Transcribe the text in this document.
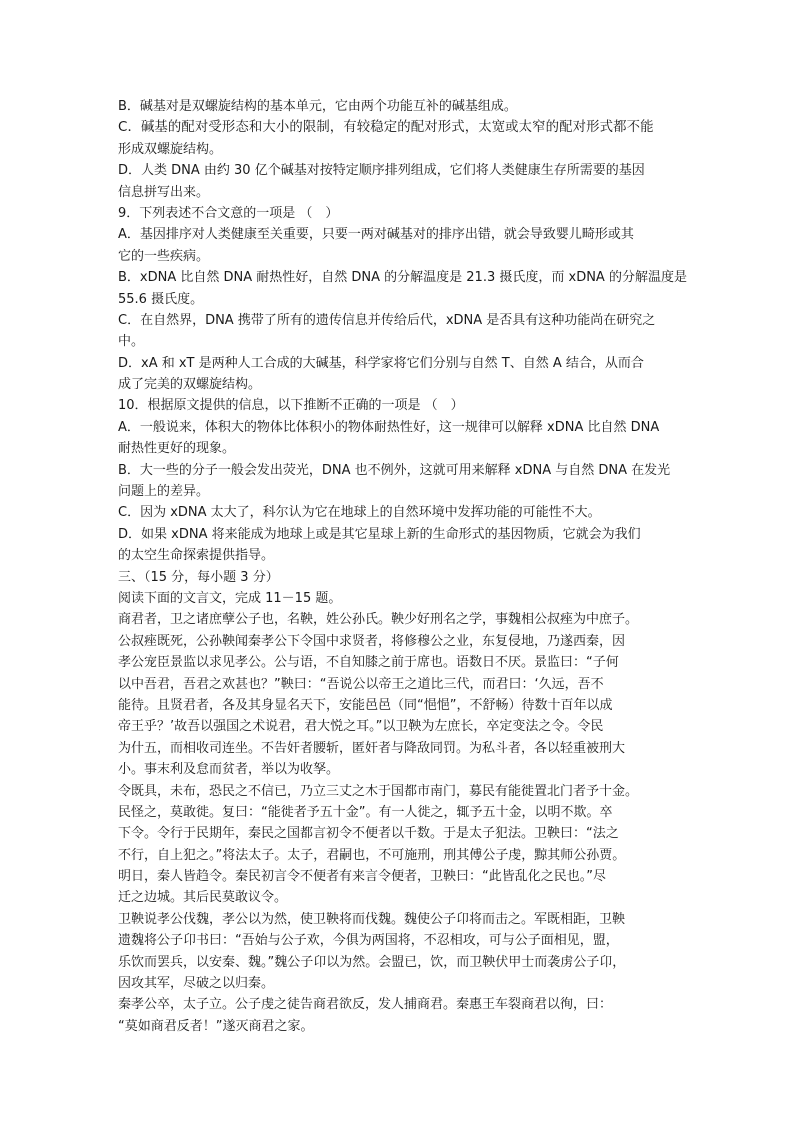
B．碱基对是双螺旋结构的基本单元，它由两个功能互补的碱基组成。
C．碱基的配对受形态和大小的限制，有较稳定的配对形式，太宽或太窄的配对形式都不能
形成双螺旋结构。
D．人类 DNA 由约 30 亿个碱基对按特定顺序排列组成，它们将人类健康生存所需要的基因
信息拼写出来。
9．下列表述不合文意的一项是 （　）
A．基因排序对人类健康至关重要，只要一两对碱基对的排序出错，就会导致婴儿畸形或其
它的一些疾病。
B．xDNA 比自然 DNA 耐热性好，自然 DNA 的分解温度是 21.3 摄氏度，而 xDNA 的分解温度是
55.6 摄氏度。
C．在自然界，DNA 携带了所有的遗传信息并传给后代，xDNA 是否具有这种功能尚在研究之
中。
D．xA 和 xT 是两种人工合成的大碱基，科学家将它们分别与自然 T、自然 A 结合，从而合
成了完美的双螺旋结构。
10．根据原文提供的信息，以下推断不正确的一项是 （　）
A．一般说来，体积大的物体比体积小的物体耐热性好，这一规律可以解释 xDNA 比自然 DNA
耐热性更好的现象。
B．大一些的分子一般会发出荧光，DNA 也不例外，这就可用来解释 xDNA 与自然 DNA 在发光
问题上的差异。
C．因为 xDNA 太大了，科尔认为它在地球上的自然环境中发挥功能的可能性不大。
D．如果 xDNA 将来能成为地球上或是其它星球上新的生命形式的基因物质，它就会为我们
的太空生命探索提供指导。
三、（15 分，每小题 3 分）
阅读下面的文言文，完成 11－15 题。
商君者，卫之诸庶孽公子也，名鞅，姓公孙氏。鞅少好刑名之学，事魏相公叔痤为中庶子。
公叔痤既死，公孙鞅闻秦孝公下令国中求贤者，将修穆公之业，东复侵地，乃遂西秦，因
孝公宠臣景监以求见孝公。公与语，不自知膝之前于席也。语数日不厌。景监曰：“子何
以中吾君，吾君之欢甚也？”鞅曰：“吾说公以帝王之道比三代，而君曰：‘久远，吾不
能待。且贤君者，各及其身显名天下，安能邑邑（同“悒悒”，不舒畅）待数十百年以成
帝王乎？’故吾以强国之术说君，君大悦之耳。”以卫鞅为左庶长，卒定变法之令。令民
为什五，而相收司连坐。不告奸者腰斩，匿奸者与降敌同罚。为私斗者，各以轻重被刑大
小。事末利及怠而贫者，举以为收孥。
令既具，未布，恐民之不信已，乃立三丈之木于国都市南门，募民有能徙置北门者予十金。
民怪之，莫敢徙。复曰：“能徙者予五十金”。有一人徙之，辄予五十金，以明不欺。卒
下令。令行于民期年，秦民之国都言初令不便者以千数。于是太子犯法。卫鞅曰：“法之
不行，自上犯之。”将法太子。太子，君嗣也，不可施刑，刑其傅公子虔，黥其师公孙贾。
明日，秦人皆趋令。秦民初言令不便者有来言令便者，卫鞅曰：“此皆乱化之民也。”尽
迁之边城。其后民莫敢议令。
卫鞅说孝公伐魏，孝公以为然，使卫鞅将而伐魏。魏使公子卬将而击之。军既相距，卫鞅
遗魏将公子卬书曰：“吾始与公子欢，今俱为两国将，不忍相攻，可与公子面相见，盟，
乐饮而罢兵，以安秦、魏。”魏公子卬以为然。会盟已，饮，而卫鞅伏甲士而袭虏公子卬，
因攻其军，尽破之以归秦。
秦孝公卒，太子立。公子虔之徒告商君欲反，发人捕商君。秦惠王车裂商君以徇，曰：
“莫如商君反者！”遂灭商君之家。
